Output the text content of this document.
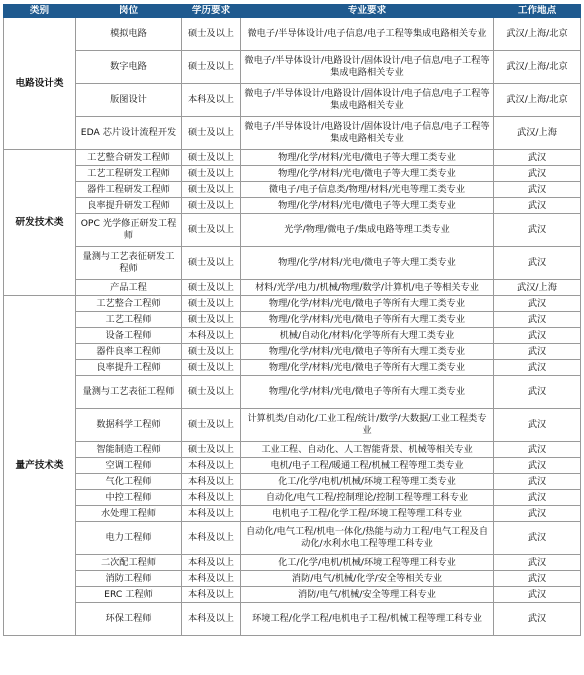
类别	岗位	学历要求	专业要求	工作地点
电路设计类	模拟电路	硕士及以上	微电子/半导体设计/电子信息/电子工程等集成电路相关专业	武汉/上海/北京
	数字电路	硕士及以上	微电子/半导体设计/电路设计/固体设计/电子信息/电子工程等集成电路相关专业	武汉/上海/北京
	版图设计	本科及以上	微电子/半导体设计/电路设计/固体设计/电子信息/电子工程等集成电路相关专业	武汉/上海/北京
	EDA 芯片设计流程开发	硕士及以上	微电子/半导体设计/电路设计/固体设计/电子信息/电子工程等集成电路相关专业	武汉/上海
研发技术类	工艺整合研发工程师	硕士及以上	物理/化学/材料/光电/微电子等大理工类专业	武汉
	工艺工程研发工程师	硕士及以上	物理/化学/材料/光电/微电子等大理工类专业	武汉
	器件工程研发工程师	硕士及以上	微电子/电子信息类/物理/材料/光电等理工类专业	武汉
	良率提升研发工程师	硕士及以上	物理/化学/材料/光电/微电子等大理工类专业	武汉
	OPC 光学修正研发工程师	硕士及以上	光学/物理/微电子/集成电路等理工类专业	武汉
	量测与工艺表征研发工程师	硕士及以上	物理/化学/材料/光电/微电子等大理工类专业	武汉
	产品工程	硕士及以上	材料/光学/电力/机械/物理/数学/计算机/电子等相关专业	武汉/上海
量产技术类	工艺整合工程师	硕士及以上	物理/化学/材料/光电/微电子等所有大理工类专业	武汉
	工艺工程师	硕士及以上	物理/化学/材料/光电/微电子等所有大理工类专业	武汉
	设备工程师	本科及以上	机械/自动化/材料/化学等所有大理工类专业	武汉
	器件良率工程师	硕士及以上	物理/化学/材料/光电/微电子等所有大理工类专业	武汉
	良率提升工程师	硕士及以上	物理/化学/材料/光电/微电子等所有大理工类专业	武汉
	量测与工艺表征工程师	硕士及以上	物理/化学/材料/光电/微电子等所有大理工类专业	武汉
	数据科学工程师	硕士及以上	计算机类/自动化/工业工程/统计/数学/大数据/工业工程类专业	武汉
	智能制造工程师	硕士及以上	工业工程、自动化、人工智能背景、机械等相关专业	武汉
	空调工程师	本科及以上	电机/电子工程/暖通工程/机械工程等理工类专业	武汉
	气化工程师	本科及以上	化工/化学/电机/机械/环境工程等理工类专业	武汉
	中控工程师	本科及以上	自动化/电气工程/控制理论/控制工程等理工科专业	武汉
	水处理工程师	本科及以上	电机电子工程/化学工程/环境工程等理工科专业	武汉
	电力工程师	本科及以上	自动化/电气工程/机电一体化/热能与动力工程/电气工程及自动化/水利水电工程等理工科专业	武汉
	二次配工程师	本科及以上	化工/化学/电机/机械/环境工程等理工科专业	武汉
	消防工程师	本科及以上	消防/电气/机械/化学/安全等相关专业	武汉
	ERC 工程师	本科及以上	消防/电气/机械/安全等理工科专业	武汉
	环保工程师	本科及以上	环境工程/化学工程/电机电子工程/机械工程等理工科专业	武汉
